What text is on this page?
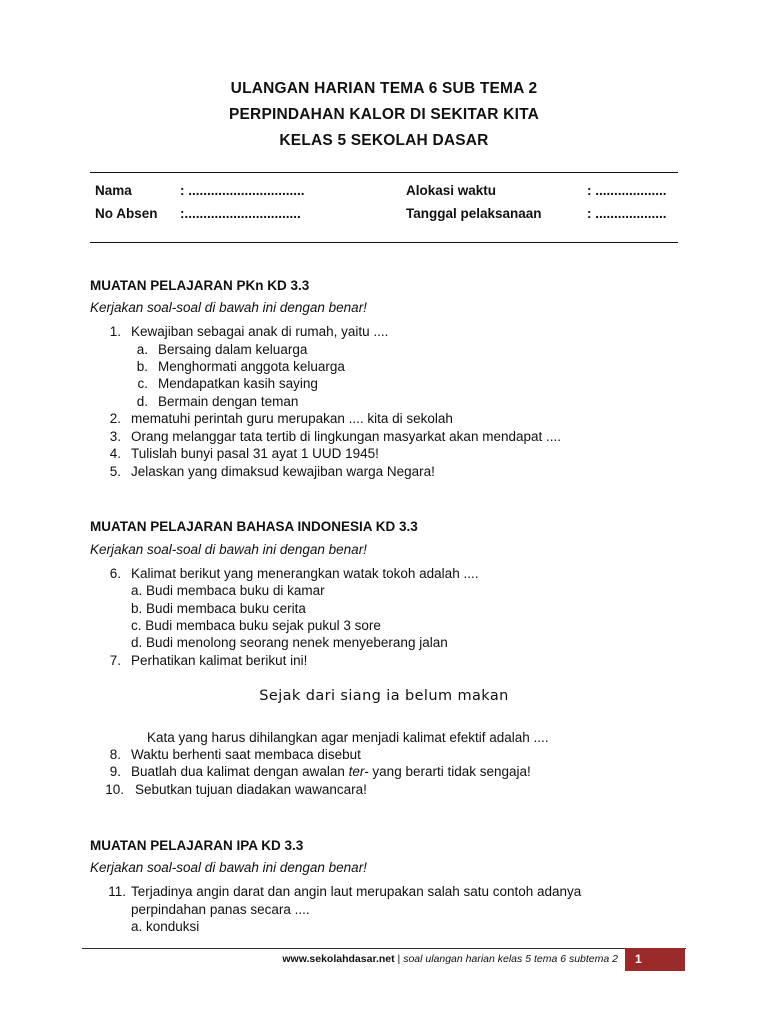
ULANGAN HARIAN TEMA 6 SUB TEMA 2
PERPINDAHAN KALOR DI SEKITAR KITA
KELAS 5 SEKOLAH DASAR
Nama	: ...............................
No Absen :...............................
Alokasi waktu	: ...................
Tanggal pelaksanaan	: ...................
MUATAN PELAJARAN PKn KD 3.3
Kerjakan soal-soal di bawah ini dengan benar!
1. Kewajiban sebagai anak di rumah, yaitu ....
a. Bersaing dalam keluarga
b. Menghormati anggota keluarga
c. Mendapatkan kasih saying
d. Bermain dengan teman
2. mematuhi perintah guru merupakan .... kita di sekolah
3. Orang melanggar tata tertib di lingkungan masyarkat akan mendapat ....
4. Tulislah bunyi pasal 31 ayat 1 UUD 1945!
5. Jelaskan yang dimaksud kewajiban warga Negara!
MUATAN PELAJARAN BAHASA INDONESIA KD 3.3
Kerjakan soal-soal di bawah ini dengan benar!
6. Kalimat berikut yang menerangkan watak tokoh adalah ....
a. Budi membaca buku di kamar
b. Budi membaca buku cerita
c. Budi membaca buku sejak pukul 3 sore
d. Budi menolong seorang nenek menyeberang jalan
7. Perhatikan kalimat berikut ini!
Sejak dari siang ia belum makan
Kata yang harus dihilangkan agar menjadi kalimat efektif adalah ....
8. Waktu berhenti saat membaca disebut
9. Buatlah dua kalimat dengan awalan ter- yang berarti tidak sengaja!
10. Sebutkan tujuan diadakan wawancara!
MUATAN PELAJARAN IPA KD 3.3
Kerjakan soal-soal di bawah ini dengan benar!
11. Terjadinya angin darat dan angin laut merupakan salah satu contoh adanya
perpindahan panas secara ....
a. konduksi
www.sekolahdasar.net | soal ulangan harian kelas 5 tema 6 subtema 2	1
